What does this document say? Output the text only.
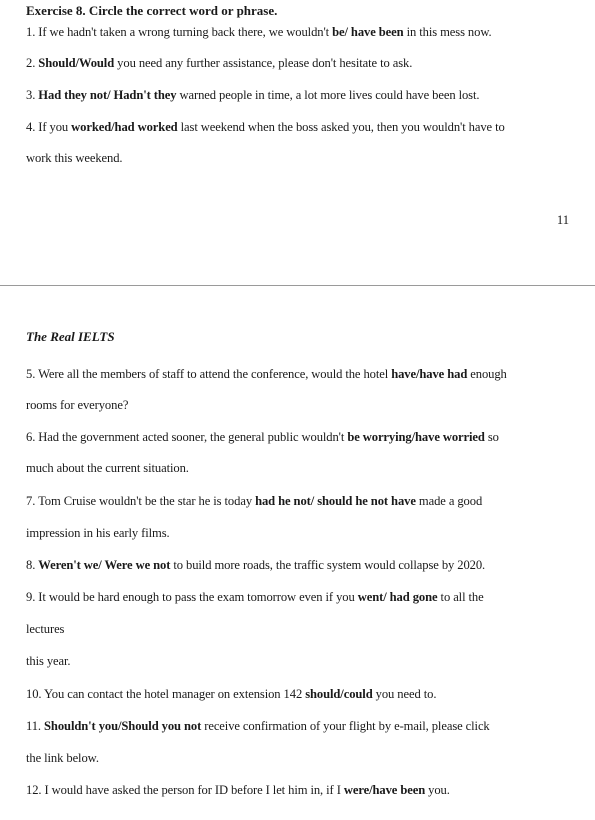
Exercise 8. Circle the correct word or phrase.
1. If we hadn't taken a wrong turning back there, we wouldn't be/ have been in this mess now.
2. Should/Would you need any further assistance, please don't hesitate to ask.
3. Had they not/ Hadn't they warned people in time, a lot more lives could have been lost.
4. If you worked/had worked last weekend when the boss asked you, then you wouldn't have to
work this weekend.
5. Were all the members of staff to attend the conference, would the hotel have/have had enough
rooms for everyone?
6. Had the government acted sooner, the general public wouldn't be worrying/have worried so
much about the current situation.
7. Tom Cruise wouldn't be the star he is today had he not/ should he not have made a good
impression in his early films.
8. Weren't we/ Were we not to build more roads, the traffic system would collapse by 2020.
9. It would be hard enough to pass the exam tomorrow even if you went/ had gone to all the
lectures
this year.
10. You can contact the hotel manager on extension 142 should/could you need to.
11. Shouldn't you/Should you not receive confirmation of your flight by e-mail, please click
the link below.
12. I would have asked the person for ID before I let him in, if I were/have been you.
11
The Real IELTS
